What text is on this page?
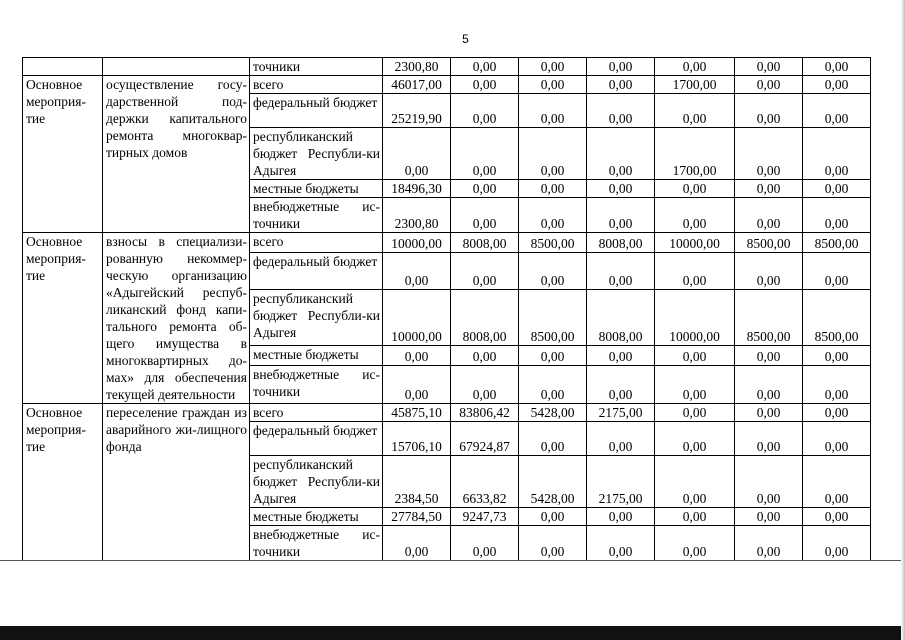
5
		точники	2300,80	0,00	0,00	0,00	0,00	0,00	0,00
Основное мероприя-тие	осуществление госу-дарственной под-держки капитального ремонта многоквар-тирных домов	всего	46017,00	0,00	0,00	0,00	1700,00	0,00	0,00
		федеральный бюджет	25219,90	0,00	0,00	0,00	0,00	0,00	0,00
		республиканский бюджет Республи-ки Адыгея	0,00	0,00	0,00	0,00	1700,00	0,00	0,00
		местные бюджеты	18496,30	0,00	0,00	0,00	0,00	0,00	0,00
		внебюджетные ис-точники	2300,80	0,00	0,00	0,00	0,00	0,00	0,00
Основное мероприя-тие	взносы в специализи-рованную некоммер-ческую организацию «Адыгейский респуб-ликанский фонд капи-тального ремонта об-щего имущества в многоквартирных до-мах» для обеспечения текущей деятельности	всего	10000,00	8008,00	8500,00	8008,00	10000,00	8500,00	8500,00
		федеральный бюджет	0,00	0,00	0,00	0,00	0,00	0,00	0,00
		республиканский бюджет Республи-ки Адыгея	10000,00	8008,00	8500,00	8008,00	10000,00	8500,00	8500,00
		местные бюджеты	0,00	0,00	0,00	0,00	0,00	0,00	0,00
		внебюджетные ис-точники	0,00	0,00	0,00	0,00	0,00	0,00	0,00
Основное мероприя-тие	переселение граждан из аварийного жи-лищного фонда	всего	45875,10	83806,42	5428,00	2175,00	0,00	0,00	0,00
		федеральный бюджет	15706,10	67924,87	0,00	0,00	0,00	0,00	0,00
		республиканский бюджет Республи-ки Адыгея	2384,50	6633,82	5428,00	2175,00	0,00	0,00	0,00
		местные бюджеты	27784,50	9247,73	0,00	0,00	0,00	0,00	0,00
		внебюджетные ис-точники	0,00	0,00	0,00	0,00	0,00	0,00	0,00
